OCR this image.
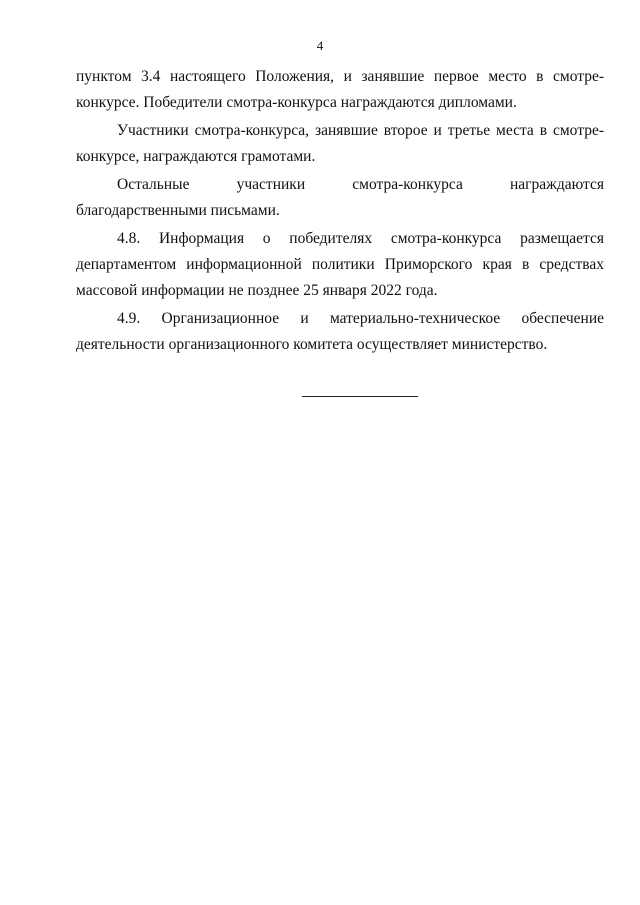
4

пунктом 3.4 настоящего Положения, и занявшие первое место в смотре-конкурсе. Победители смотра-конкурса награждаются дипломами.

Участники смотра-конкурса, занявшие второе и третье места в смотре-конкурсе, награждаются грамотами.

Остальные участники смотра-конкурса награждаются благодарственными письмами.

4.8. Информация о победителях смотра-конкурса размещается департаментом информационной политики Приморского края в средствах массовой информации не позднее 25 января 2022 года.

4.9. Организационное и материально-техническое обеспечение деятельности организационного комитета осуществляет министерство.
